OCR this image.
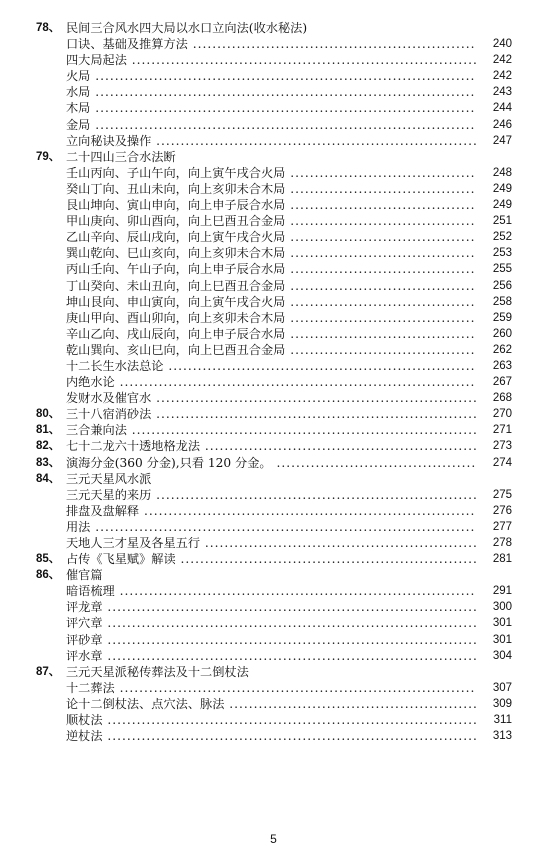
78、 民间三合风水四大局以水口立向法(收水秘法)
口诀、基础及推算方法 .....	240
四大局起法 .....	242
火局 .....	242
水局 .....	243
木局 .....	244
金局 .....	246
立向秘诀及操作 .....	247
79、 二十四山三合水法断
壬山丙向、子山午向，向上寅午戌合火局 .....	248
癸山丁向、丑山未向，向上亥卯未合木局 .....	249
艮山坤向、寅山申向，向上申子辰合水局 .....	249
甲山庚向、卯山酉向，向上巳酉丑合金局 .....	251
乙山辛向、辰山戌向，向上寅午戌合火局 .....	252
巽山乾向、巳山亥向，向上亥卯未合木局 .....	253
丙山壬向、午山子向，向上申子辰合水局 .....	255
丁山癸向、未山丑向，向上巳酉丑合金局 .....	256
坤山艮向、申山寅向，向上寅午戌合火局 .....	258
庚山甲向、酉山卯向，向上亥卯未合木局 .....	259
辛山乙向、戌山辰向，向上申子辰合水局 .....	260
乾山巽向、亥山巳向，向上巳酉丑合金局 .....	262
十二长生水法总论 .....	263
内绝水论 .....	267
发财水及催官水 .....	268
80、 三十八宿消砂法 .....	270
81、 三合兼向法 .....	271
82、 七十二龙六十透地格龙法 .....	273
83、 演海分金(360 分金),只看 120 分金。 .....	274
84、 三元天星风水派
三元天星的来历 .....	275
排盘及盘解释 .....	276
用法 .....	277
天地人三才星及各星五行 .....	278
85、 占传《飞星赋》解读 .....	281
86、 催官篇
暗语梳理 .....	291
评龙章 .....	300
评穴章 .....	301
评砂章 .....	301
评水章 .....	304
87、 三元天星派秘传葬法及十二倒杖法
十二葬法 .....	307
论十二倒杖法、点穴法、脉法 .....	309
顺杖法 .....	311
逆杖法 .....	313
5
